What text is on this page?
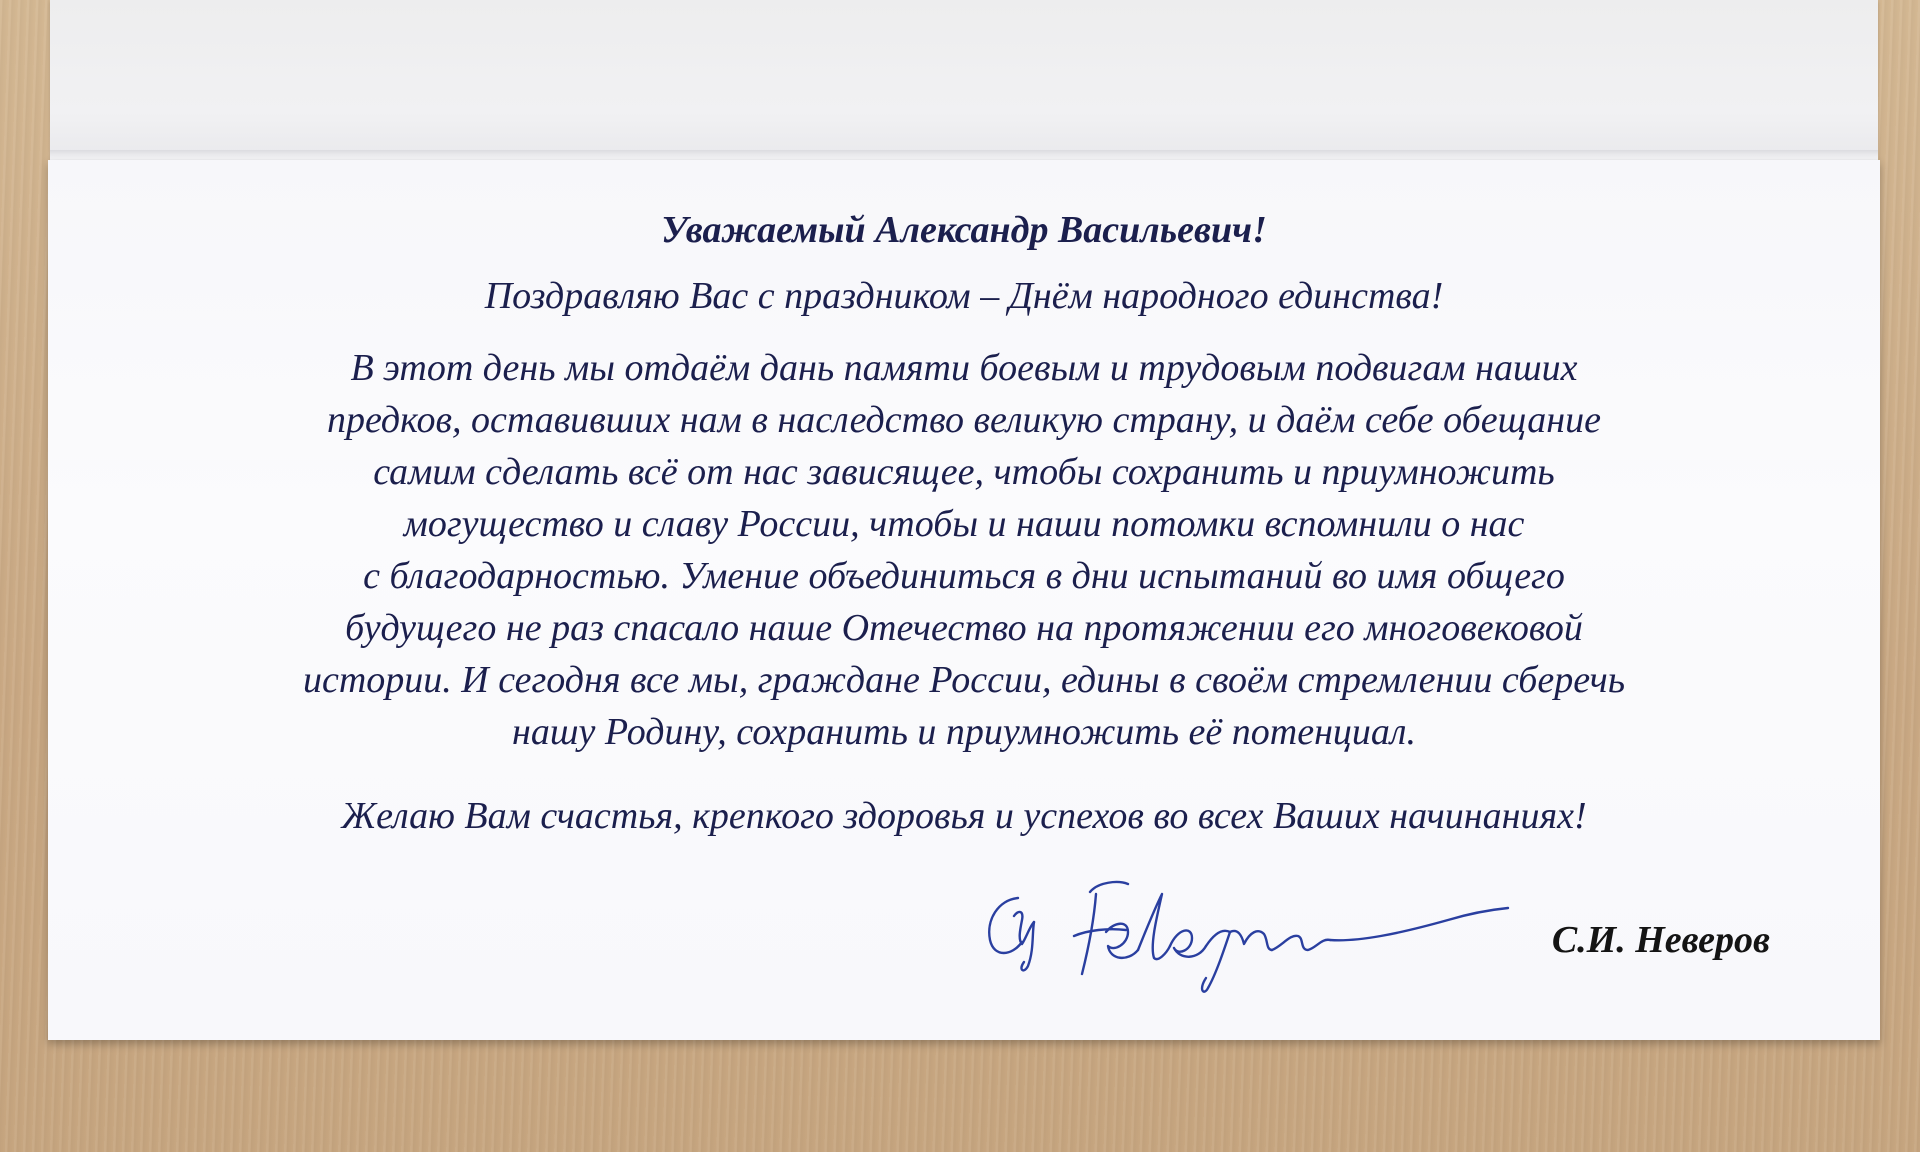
Уважаемый Александр Васильевич!

Поздравляю Вас с праздником – Днём народного единства!

В этот день мы отдаём дань памяти боевым и трудовым подвигам наших
предков, оставивших нам в наследство великую страну, и даём себе обещание
самим сделать всё от нас зависящее, чтобы сохранить и приумножить
могущество и славу России, чтобы и наши потомки вспомнили о нас
с благодарностью. Умение объединиться в дни испытаний во имя общего
будущего не раз спасало наше Отечество на протяжении его многовековой
истории. И сегодня все мы, граждане России, едины в своём стремлении сберечь
нашу Родину, сохранить и приумножить её потенциал.

Желаю Вам счастья, крепкого здоровья и успехов во всех Ваших начинаниях!

С.И. Неверов
